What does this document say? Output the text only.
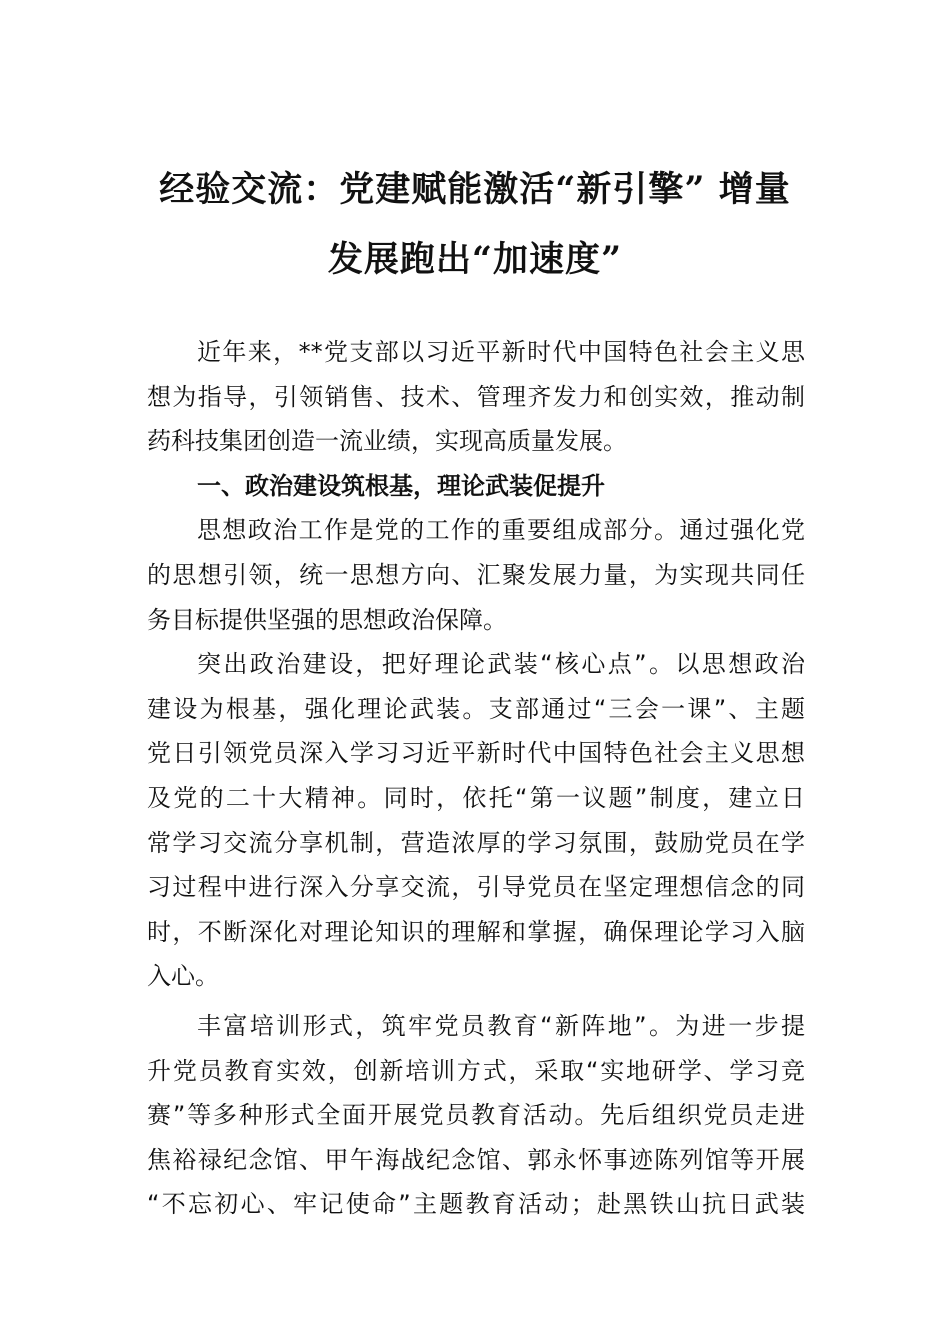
经验交流：党建赋能激活“新引擎” 增量
发展跑出“加速度”
近年来，**党支部以习近平新时代中国特色社会主义思
想为指导，引领销售、技术、管理齐发力和创实效，推动制
药科技集团创造一流业绩，实现高质量发展。
一、政治建设筑根基，理论武装促提升
思想政治工作是党的工作的重要组成部分。通过强化党
的思想引领，统一思想方向、汇聚发展力量，为实现共同任
务目标提供坚强的思想政治保障。
突出政治建设，把好理论武装“核心点”。以思想政治
建设为根基，强化理论武装。支部通过“三会一课”、主题
党日引领党员深入学习习近平新时代中国特色社会主义思想
及党的二十大精神。同时，依托“第一议题”制度，建立日
常学习交流分享机制，营造浓厚的学习氛围，鼓励党员在学
习过程中进行深入分享交流，引导党员在坚定理想信念的同
时，不断深化对理论知识的理解和掌握，确保理论学习入脑
入心。
丰富培训形式，筑牢党员教育“新阵地”。为进一步提
升党员教育实效，创新培训方式，采取“实地研学、学习竞
赛”等多种形式全面开展党员教育活动。先后组织党员走进
焦裕禄纪念馆、甲午海战纪念馆、郭永怀事迹陈列馆等开展
“不忘初心、牢记使命”主题教育活动；赴黑铁山抗日武装
